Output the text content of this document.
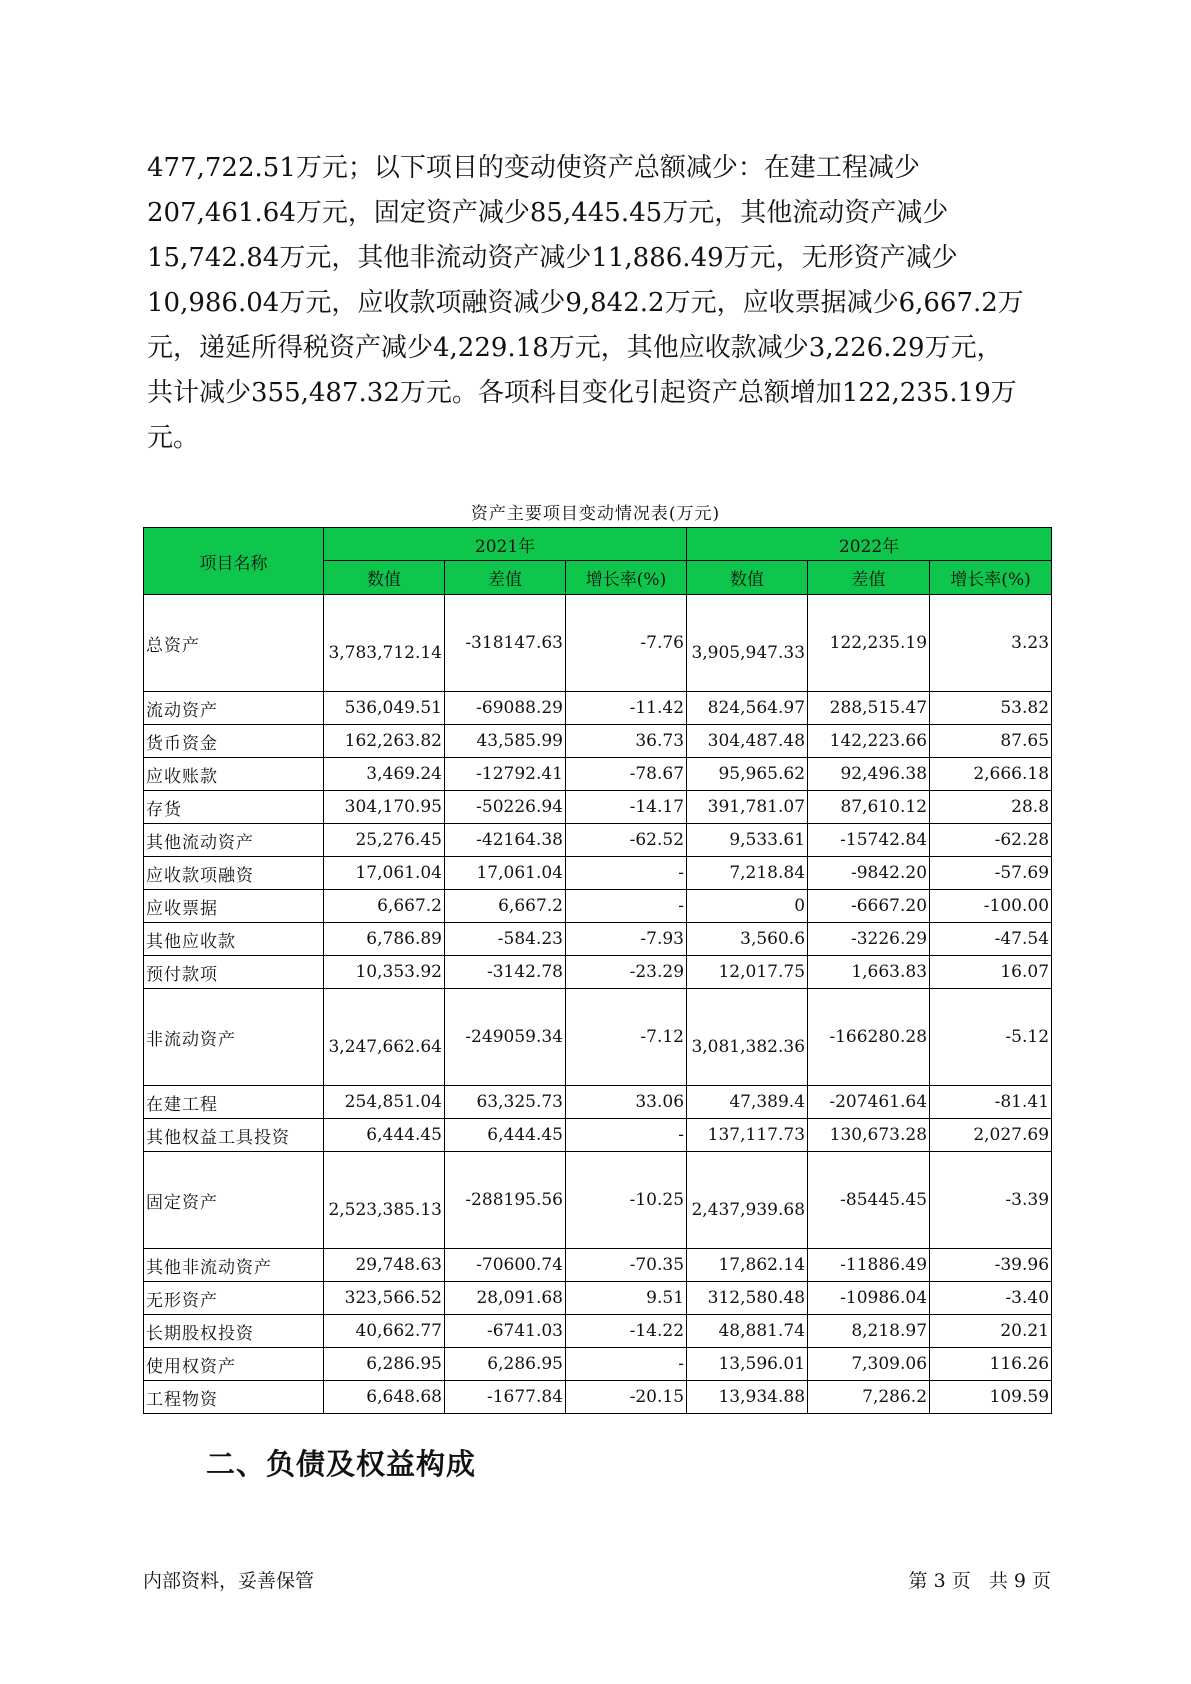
477,722.51万元；以下项目的变动使资产总额减少：在建工程减少
207,461.64万元，固定资产减少85,445.45万元，其他流动资产减少
15,742.84万元，其他非流动资产减少11,886.49万元，无形资产减少
10,986.04万元，应收款项融资减少9,842.2万元，应收票据减少6,667.2万
元，递延所得税资产减少4,229.18万元，其他应收款减少3,226.29万元，
共计减少355,487.32万元。各项科目变化引起资产总额增加122,235.19万
元。
资产主要项目变动情况表(万元)
项目名称	2021年			2022年		
	数值	差值	增长率(%)	数值	差值	增长率(%)
总资产	3,783,712.1​4	-318147.63	-7.76	3,905,947.3​3	122,235.19	3.23
流动资产	536,049.51	-69088.29	-11.42	824,564.97	288,515.47	53.82
货币资金	162,263.82	43,585.99	36.73	304,487.48	142,223.66	87.65
应收账款	3,469.24	-12792.41	-78.67	95,965.62	92,496.38	2,666.18
存货	304,170.95	-50226.94	-14.17	391,781.07	87,610.12	28.8
其他流动资产	25,276.45	-42164.38	-62.52	9,533.61	-15742.84	-62.28
应收款项融资	17,061.04	17,061.04	-	7,218.84	-9842.20	-57.69
应收票据	6,667.2	6,667.2	-	0	-6667.20	-100.00
其他应收款	6,786.89	-584.23	-7.93	3,560.6	-3226.29	-47.54
预付款项	10,353.92	-3142.78	-23.29	12,017.75	1,663.83	16.07
非流动资产	3,247,662.6​4	-249059.34	-7.12	3,081,382.3​6	-166280.28	-5.12
在建工程	254,851.04	63,325.73	33.06	47,389.4	-207461.64	-81.41
其他权益工具投资	6,444.45	6,444.45	-	137,117.73	130,673.28	2,027.69
固定资产	2,523,385.1​3	-288195.56	-10.25	2,437,939.6​8	-85445.45	-3.39
其他非流动资产	29,748.63	-70600.74	-70.35	17,862.14	-11886.49	-39.96
无形资产	323,566.52	28,091.68	9.51	312,580.48	-10986.04	-3.40
长期股权投资	40,662.77	-6741.03	-14.22	48,881.74	8,218.97	20.21
使用权资产	6,286.95	6,286.95	-	13,596.01	7,309.06	116.26
工程物资	6,648.68	-1677.84	-20.15	13,934.88	7,286.2	109.59
二、负债及权益构成
内部资料，妥善保管	第 3 页   共 9 页
